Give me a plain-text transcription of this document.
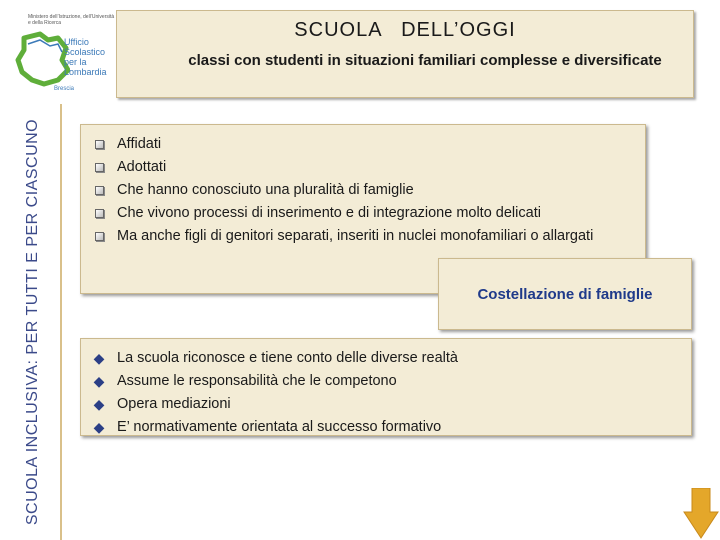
SCUOLA INCLUSIVA: PER TUTTI E PER CIASCUNO
Ministero dell’Istruzione, dell’Università e della Ricerca
Ufficio
Scolastico
per la
Lombardia
Brescia
SCUOLA   DELL’OGGI
classi con studenti in situazioni familiari complesse e diversificate
Affidati
Adottati
Che hanno conosciuto una pluralità di famiglie
Che vivono processi di inserimento e di integrazione molto delicati
Ma anche figli di genitori separati, inseriti in nuclei monofamiliari o allargati
◆ La scuola riconosce e tiene conto delle diverse realtà
◆ Assume le responsabilità che le competono
◆ Opera mediazioni
◆ E’ normativamente orientata al successo formativo
Costellazione di famiglie
